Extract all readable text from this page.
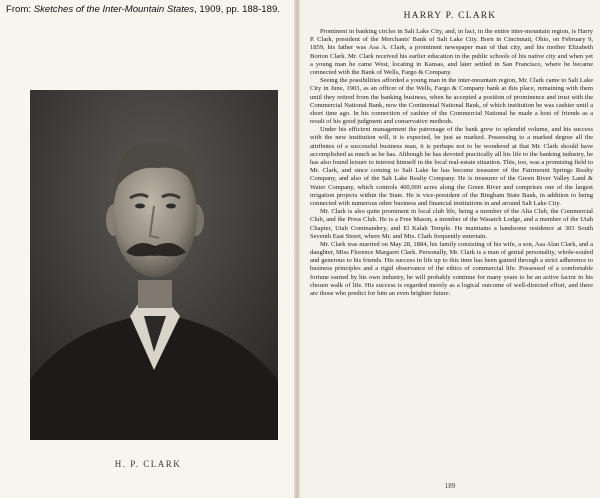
From: Sketches of the Inter-Mountain States, 1909, pp. 188-189.
H. P. CLARK
HARRY P. CLARK

Prominent in banking circles in Salt Lake City, and, in fact, in the entire inter-mountain region, is Harry P. Clark, president of the Merchants' Bank of Salt Lake City. Born in Cincinnati, Ohio, on February 9, 1859, his father was Asa A. Clark, a prominent newspaper man of that city, and his mother Elizabeth Borton Clark. Mr. Clark received his earlier education in the public schools of his native city and when yet a young man he came West, locating in Kansas, and later settled in San Francisco, where he became connected with the Bank of Wells, Fargo & Company.

Seeing the possibilities afforded a young man in the inter-mountain region, Mr. Clark came to Salt Lake City in June, 1903, as an officer of the Wells, Fargo & Company bank at this place, remaining with them until they retired from the banking business, when he accepted a position of prominence and trust with the Commercial National Bank, now the Continental National Bank, of which institution he was cashier until a short time ago. In his connection of cashier of the Commercial National he made a host of friends as a result of his good judgment and conservative methods.

Under his efficient management the patronage of the bank grew to splendid volume, and his success with the new institution will, it is expected, be just as marked. Possessing to a marked degree all the attributes of a successful business man, it is perhaps not to be wondered at that Mr. Clark should have accomplished as much as he has. Although he has devoted practically all his life to the banking industry, he has also found leisure to interest himself in the local real-estate situation. This, too, was a promising field to Mr. Clark, and since coming to Salt Lake he has become treasurer of the Fairmount Springs Realty Company, and also of the Salt Lake Realty Company. He is treasurer of the Green River Valley Land & Water Company, which controls 400,000 acres along the Green River and comprises one of the largest irrigation projects within the State. He is vice-president of the Bingham State Bank, in addition to being connected with numerous other business and financial institutions in and around Salt Lake City.

Mr. Clark is also quite prominent in local club life, being a member of the Alta Club, the Commercial Club, and the Press Club. He is a Free Mason, a member of the Wasatch Lodge, and a member of the Utah Chapter, Utah Commandery, and El Kalah Temple. He maintains a handsome residence at 303 South Seventh East Street, where Mr. and Mrs. Clark frequently entertain.

Mr. Clark was married on May 28, 1884, his family consisting of his wife, a son, Asa Alan Clark, and a daughter, Miss Florence Margaret Clark. Personally, Mr. Clark is a man of genial personality, whole-souled and generous to his friends. His success in life up to this time has been gained through a strict adherence to business principles and a rigid observance of the ethics of commercial life. Possessed of a comfortable fortune earned by his own industry, he will probably continue for many years to be an active factor in his chosen walk of life. His success is regarded merely as a logical outcome of well-directed effort, and there are those who predict for him an even brighter future.

189
